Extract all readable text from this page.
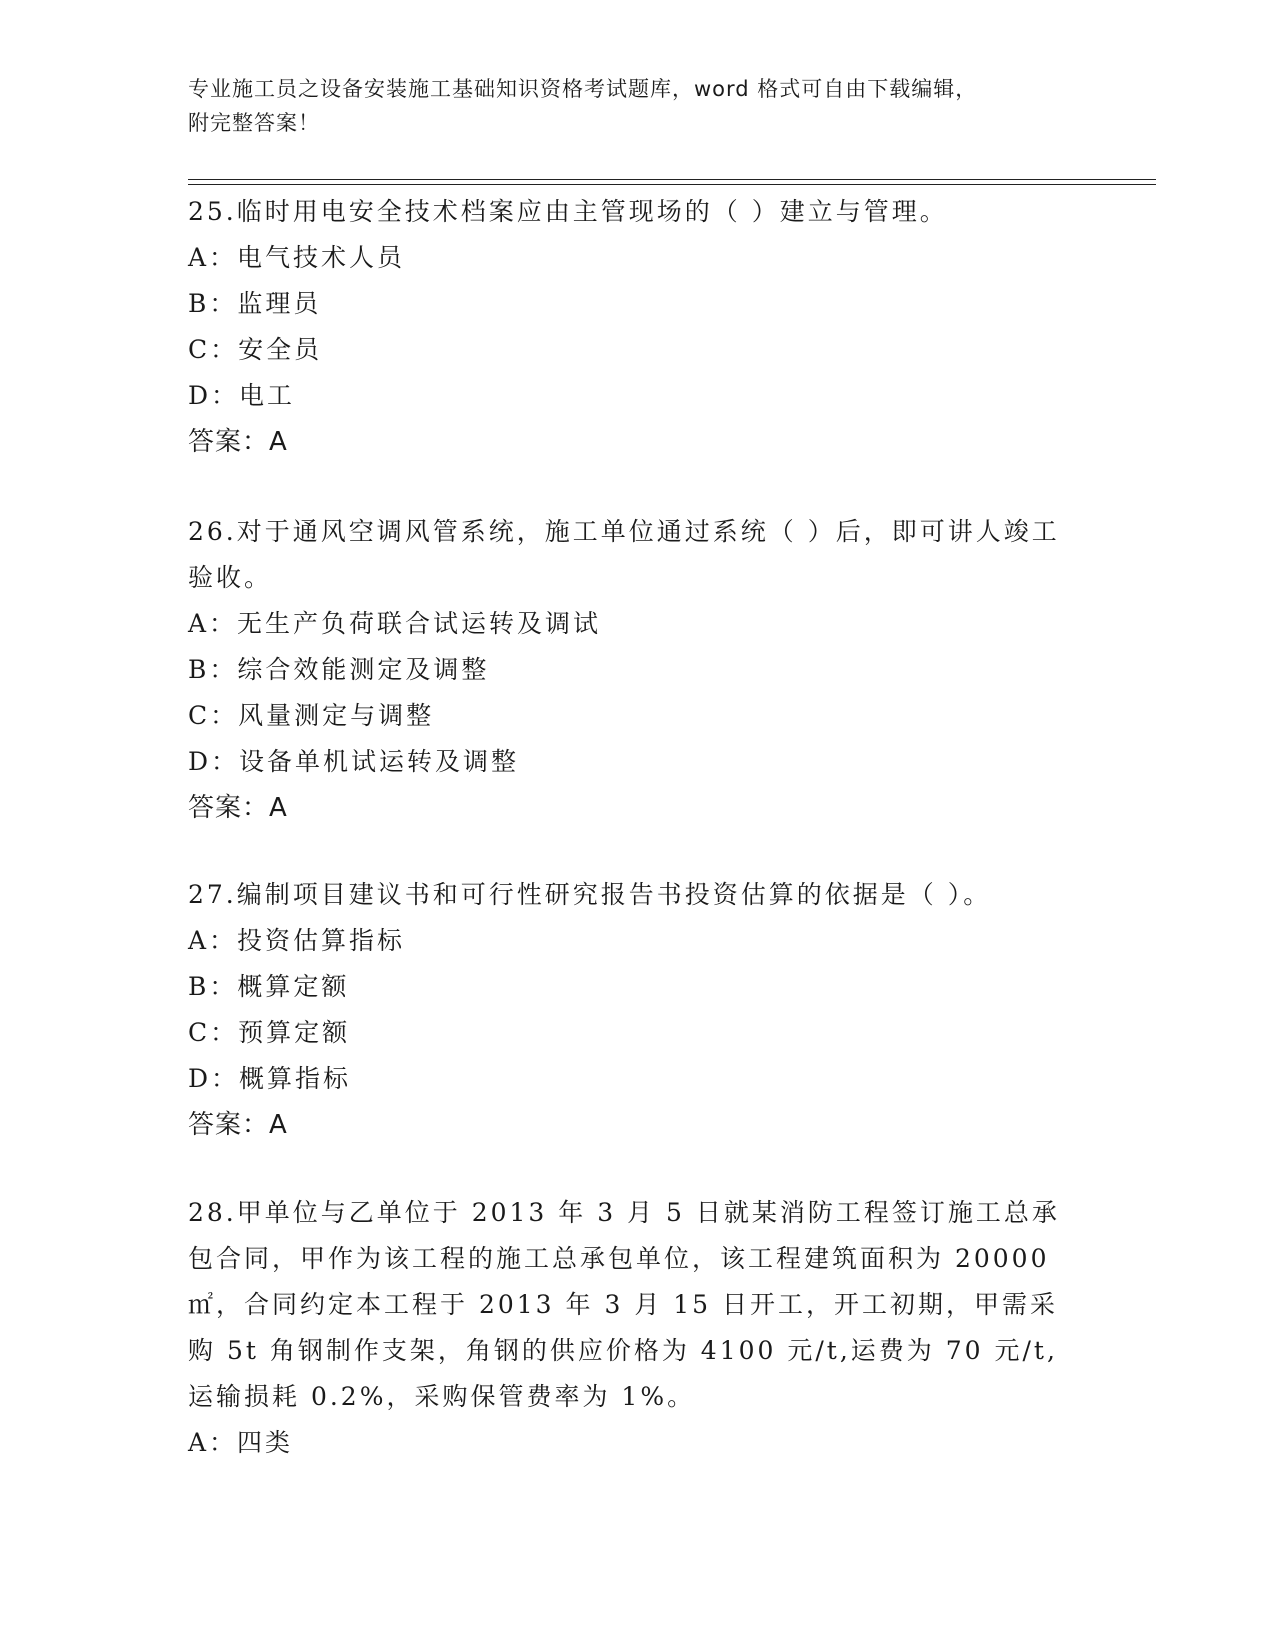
专业施工员之设备安装施工基础知识资格考试题库，word 格式可自由下载编辑，
附完整答案！
25.临时用电安全技术档案应由主管现场的（ ）建立与管理。
A：电气技术人员
B：监理员
C：安全员
D：电工
答案：A
26.对于通风空调风管系统，施工单位通过系统（ ）后，即可讲人竣工验收。
A：无生产负荷联合试运转及调试
B：综合效能测定及调整
C：风量测定与调整
D：设备单机试运转及调整
答案：A
27.编制项目建议书和可行性研究报告书投资估算的依据是（ ）。
A：投资估算指标
B：概算定额
C：预算定额
D：概算指标
答案：A
28.甲单位与乙单位于 2013 年 3 月 5 日就某消防工程签订施工总承包合同，甲作为该工程的施工总承包单位，该工程建筑面积为 20000㎡，合同约定本工程于 2013 年 3 月 15 日开工，开工初期，甲需采购 5t 角钢制作支架，角钢的供应价格为 4100 元/t,运费为 70 元/t,运输损耗 0.2%，采购保管费率为 1%。
A：四类
